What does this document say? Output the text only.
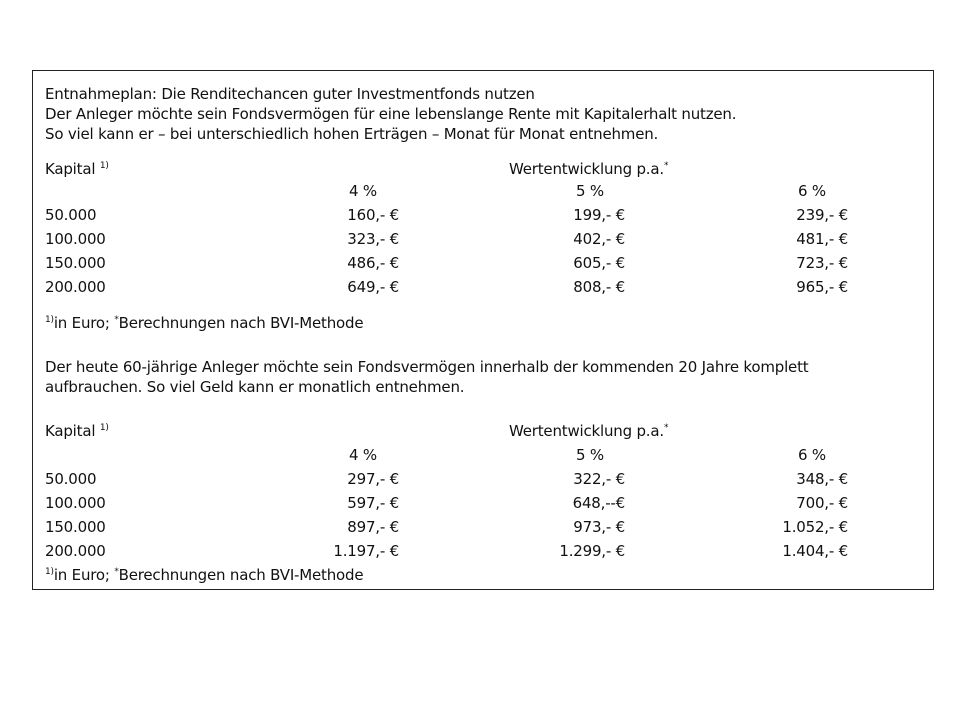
Entnahmeplan: Die Renditechancen guter Investmentfonds nutzen
Der Anleger möchte sein Fondsvermögen für eine lebenslange Rente mit Kapitalerhalt nutzen.
So viel kann er – bei unterschiedlich hohen Erträgen – Monat für Monat entnehmen.
Kapital $^{1)}$	Wertentwicklung p.a.*
4 %	5 %	6 %
50.000	160,- €	199,- €	239,- €
100.000	323,- €	402,- €	481,- €
150.000	486,- €	605,- €	723,- €
200.000	649,- €	808,- €	965,- €
$^{1)}$in Euro; *Berechnungen nach BVI-Methode
Der heute 60-jährige Anleger möchte sein Fondsvermögen innerhalb der kommenden 20 Jahre komplett
aufbrauchen. So viel Geld kann er monatlich entnehmen.
Kapital $^{1)}$	Wertentwicklung p.a.*
4 %	5 %	6 %
50.000	297,- €	322,- €	348,- €
100.000	597,- €	648,--€	700,- €
150.000	897,- €	973,- €	1.052,- €
200.000	1.197,- €	1.299,- €	1.404,- €
$^{1)}$in Euro; *Berechnungen nach BVI-Methode
